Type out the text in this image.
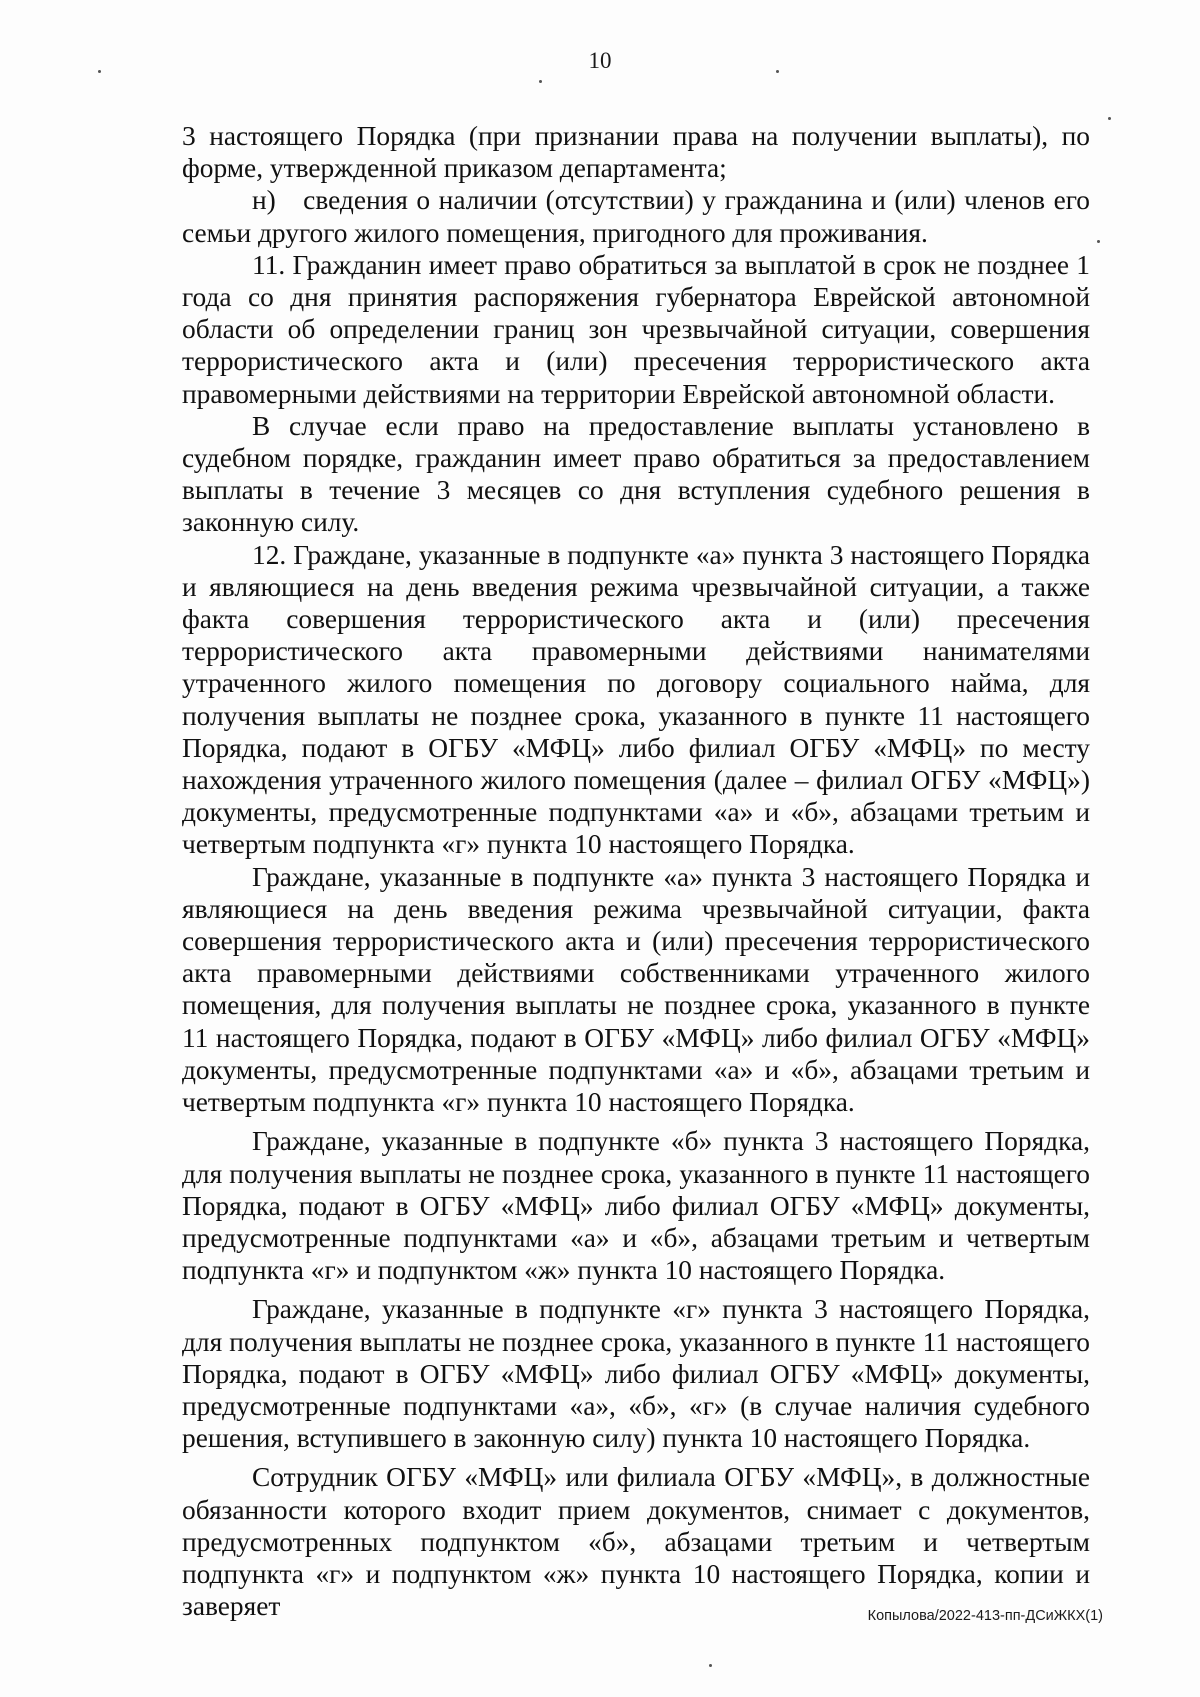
10

3 настоящего Порядка (при признании права на получении выплаты), по форме, утвержденной приказом департамента;

н) сведения о наличии (отсутствии) у гражданина и (или) членов его семьи другого жилого помещения, пригодного для проживания.

11. Гражданин имеет право обратиться за выплатой в срок не позднее 1 года со дня принятия распоряжения губернатора Еврейской автономной области об определении границ зон чрезвычайной ситуации, совершения террористического акта и (или) пресечения террористического акта правомерными действиями на территории Еврейской автономной области.

В случае если право на предоставление выплаты установлено в судебном порядке, гражданин имеет право обратиться за предоставлением выплаты в течение 3 месяцев со дня вступления судебного решения в законную силу.

12. Граждане, указанные в подпункте «а» пункта 3 настоящего Порядка и являющиеся на день введения режима чрезвычайной ситуации, а также факта совершения террористического акта и (или) пресечения террористического акта правомерными действиями нанимателями утраченного жилого помещения по договору социального найма, для получения выплаты не позднее срока, указанного в пункте 11 настоящего Порядка, подают в ОГБУ «МФЦ» либо филиал ОГБУ «МФЦ» по месту нахождения утраченного жилого помещения (далее – филиал ОГБУ «МФЦ») документы, предусмотренные подпунктами «а» и «б», абзацами третьим и четвертым подпункта «г» пункта 10 настоящего Порядка.

Граждане, указанные в подпункте «а» пункта 3 настоящего Порядка и являющиеся на день введения режима чрезвычайной ситуации, факта совершения террористического акта и (или) пресечения террористического акта правомерными действиями собственниками утраченного жилого помещения, для получения выплаты не позднее срока, указанного в пункте 11 настоящего Порядка, подают в ОГБУ «МФЦ» либо филиал ОГБУ «МФЦ» документы, предусмотренные подпунктами «а» и «б», абзацами третьим и четвертым подпункта «г» пункта 10 настоящего Порядка.

Граждане, указанные в подпункте «б» пункта 3 настоящего Порядка, для получения выплаты не позднее срока, указанного в пункте 11 настоящего Порядка, подают в ОГБУ «МФЦ» либо филиал ОГБУ «МФЦ» документы, предусмотренные подпунктами «а» и «б», абзацами третьим и четвертым подпункта «г» и подпунктом «ж» пункта 10 настоящего Порядка.

Граждане, указанные в подпункте «г» пункта 3 настоящего Порядка, для получения выплаты не позднее срока, указанного в пункте 11 настоящего Порядка, подают в ОГБУ «МФЦ» либо филиал ОГБУ «МФЦ» документы, предусмотренные подпунктами «а», «б», «г» (в случае наличия судебного решения, вступившего в законную силу) пункта 10 настоящего Порядка.

Сотрудник ОГБУ «МФЦ» или филиала ОГБУ «МФЦ», в должностные обязанности которого входит прием документов, снимает с документов, предусмотренных подпунктом «б», абзацами третьим и четвертым подпункта «г» и подпунктом «ж» пункта 10 настоящего Порядка, копии и заверяет	Копылова/2022-413-пп-ДСиЖКХ(1)
